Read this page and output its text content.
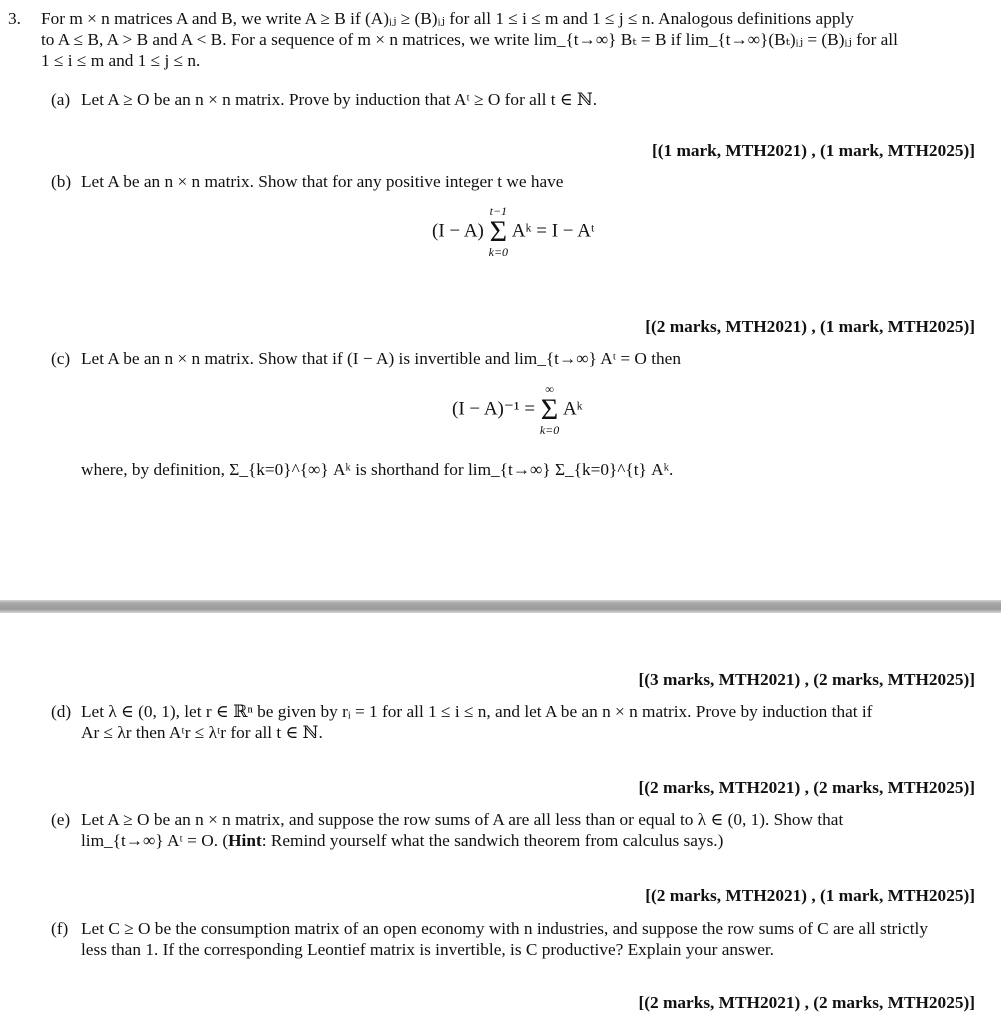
3. For m × n matrices A and B, we write A ≥ B if (A)ᵢⱼ ≥ (B)ᵢⱼ for all 1 ≤ i ≤ m and 1 ≤ j ≤ n. Analogous definitions apply
to A ≤ B, A > B and A < B. For a sequence of m × n matrices, we write lim_{t→∞} Bₜ = B if lim_{t→∞}(Bₜ)ᵢⱼ = (B)ᵢⱼ for all
1 ≤ i ≤ m and 1 ≤ j ≤ n.
(a) Let A ≥ O be an n × n matrix. Prove by induction that Aᵗ ≥ O for all t ∈ ℕ.
[(1 mark, MTH2021) , (1 mark, MTH2025)]
(b) Let A be an n × n matrix. Show that for any positive integer t we have
(I − A)
t−1
Σ
k=0
Aᵏ = I − Aᵗ
[(2 marks, MTH2021) , (1 mark, MTH2025)]
(c) Let A be an n × n matrix. Show that if (I − A) is invertible and lim_{t→∞} Aᵗ = O then
(I − A)⁻¹ =
∞
Σ
k=0
Aᵏ
where, by definition, Σ_{k=0}^{∞} Aᵏ is shorthand for lim_{t→∞} Σ_{k=0}^{t} Aᵏ.
[(3 marks, MTH2021) , (2 marks, MTH2025)]
(d) Let λ ∈ (0, 1), let r ∈ ℝⁿ be given by rᵢ = 1 for all 1 ≤ i ≤ n, and let A be an n × n matrix. Prove by induction that if
Ar ≤ λr then Aᵗr ≤ λᵗr for all t ∈ ℕ.
[(2 marks, MTH2021) , (2 marks, MTH2025)]
(e) Let A ≥ O be an n × n matrix, and suppose the row sums of A are all less than or equal to λ ∈ (0, 1). Show that
lim_{t→∞} Aᵗ = O. (Hint: Remind yourself what the sandwich theorem from calculus says.)
[(2 marks, MTH2021) , (1 mark, MTH2025)]
(f) Let C ≥ O be the consumption matrix of an open economy with n industries, and suppose the row sums of C are all strictly
less than 1. If the corresponding Leontief matrix is invertible, is C productive? Explain your answer.
[(2 marks, MTH2021) , (2 marks, MTH2025)]
